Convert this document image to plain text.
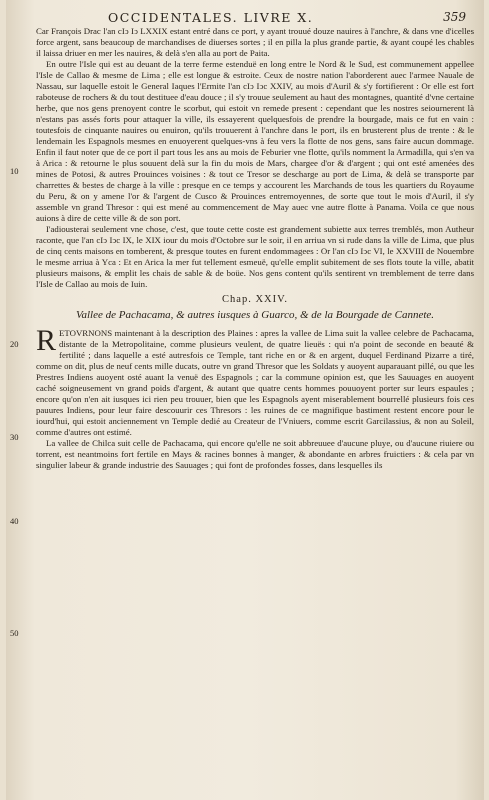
OCCIDENTALES. LIVRE X.	359
10
20
30
40
50

Car François Drac l'an cIↄ Iↄ LXXIX estant entré dans ce port, y ayant trouué douze nauires à l'anchre, & dans vne d'icelles force argent, sans beaucoup de marchandises de diuerses sortes ; il en pilla la plus grande partie, & ayant coupé les chables il laissa driuer en mer les nauires, & delà s'en alla au port de Paita.

En outre l'Isle qui est au deuant de la terre ferme estenduë en long entre le Nord & le Sud, est communement appellee l'Isle de Callao & mesme de Lima ; elle est longue & estroite. Ceux de nostre nation l'aborderent auec l'armee Nauale de Nassau, sur laquelle estoit le General Iaques l'Ermite l'an cIↄ Iↄc XXIV, au mois d'Auril & s'y fortifierent : Or elle est fort raboteuse de rochers & du tout destituee d'eau douce ; il s'y trouue seulement au haut des montagnes, quantité d'vne certaine herbe, que nos gens prenoyent contre le scorbut, qui estoit vn remede present : cependant que les nostres seiournerent là n'estans pas assés forts pour attaquer la ville, ils essayerent quelquesfois de prendre la bourgade, mais ce fut en vain : toutesfois de cinquante nauires ou enuiron, qu'ils trouuerent à l'anchre dans le port, ils en brusterent plus de trente : & le lendemain les Espagnols mesmes en enuoyerent quelques-vns à feu vers la flotte de nos gens, sans faire aucun dommage. Enfin il faut noter que de ce port il part tous les ans au mois de Feburier vne flotte, qu'ils nomment la Armadilla, qui s'en va à Arica : & retourne le plus souuent delà sur la fin du mois de Mars, chargee d'or & d'argent ; qui ont esté amenées des mines de Potosi, & autres Prouinces voisines : & tout ce Tresor se descharge au port de Lima, & delà se transporte par charrettes & bestes de charge à la ville : presque en ce temps y accourent les Marchands de tous les quartiers du Royaume du Peru, & on y amene l'or & l'argent de Cusco & Prouinces entremoyennes, de sorte que tout le mois d'Auril, il s'y assemble vn grand Thresor : qui est mené au commencement de May auec vne autre flotte à Panama. Voila ce que nous auions à dire de cette ville & de son port.

I'adiousterai seulement vne chose, c'est, que toute cette coste est grandement subiette aux terres tremblés, mon Autheur raconte, que l'an cIↄ Iↄc IX, le XIX iour du mois d'Octobre sur le soir, il en arriua vn si rude dans la ville de Lima, que plus de cinq cents maisons en tomberent, & presque toutes en furent endommagees : Or l'an cIↄ Iↄc VI, le XXVIII de Nouembre le mesme arriua à Yca : Et en Arica la mer fut tellement esmeuë, qu'elle emplit subitement de ses flots toute la ville, abatit plusieurs maisons, & emplit les chais de sable & de boüe. Nos gens content qu'ils sentirent vn tremblement de terre dans l'Isle de Callao au mois de Iuin.

Chap. XXIV.
Vallee de Pachacama, & autres iusques à Guarco, & de la Bourgade de Cannete.

RETOVRNONS maintenant à la description des Plaines : apres la vallee de Lima suit la vallee celebre de Pachacama, distante de la Metropolitaine, comme plusieurs veulent, de quatre lieuës : qui n'a point de seconde en beauté & fertilité ; dans laquelle a esté autresfois ce Temple, tant riche en or & en argent, duquel Ferdinand Pizarre a tiré, comme on dit, plus de neuf cents mille ducats, outre vn grand Thresor que les Soldats y auoyent auparauant pillé, ou que les Prestres Indiens auoyent osté auant la venuë des Espagnols ; car la commune opinion est, que les Sauuages en auoyent caché soigneusement vn grand poids d'argent, & autant que quatre cents hommes pouuoyent porter sur leurs espaules ; encore qu'on n'en ait iusques ici rien peu trouuer, bien que les Espagnols ayent miserablement bourrellé plusieurs fois ces pauures Indiens, pour leur faire descouurir ces Thresors : les ruines de ce magnifique bastiment restent encore pour le iourd'hui, qui estoit anciennement vn Temple dedié au Createur de l'Vniuers, comme escrit Garcilassius, & non au Soleil, comme d'autres ont estimé.

La vallee de Chilca suit celle de Pachacama, qui encore qu'elle ne soit abbreuuee d'aucune pluye, ou d'aucune riuiere ou torrent, est neantmoins fort fertile en Mays & racines bonnes à manger, & abondante en arbres fruictiers : & cela par vn singulier labeur & grande industrie des Sauuages ; qui font de profondes fosses, dans lesquelles ils
